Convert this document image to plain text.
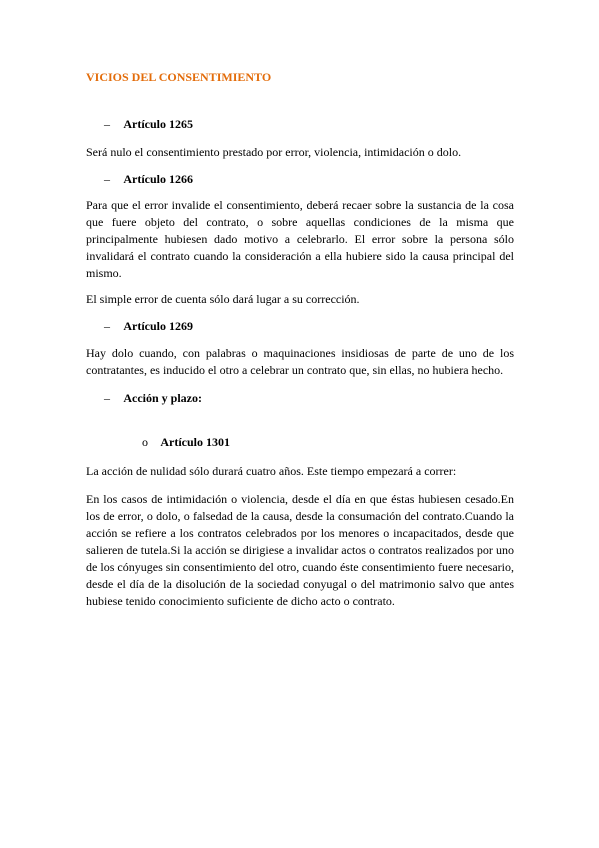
VICIOS DEL CONSENTIMIENTO
– Artículo 1265

Será nulo el consentimiento prestado por error, violencia, intimidación o dolo.

– Artículo 1266

Para que el error invalide el consentimiento, deberá recaer sobre la sustancia de la cosa que fuere objeto del contrato, o sobre aquellas condiciones de la misma que principalmente hubiesen dado motivo a celebrarlo. El error sobre la persona sólo invalidará el contrato cuando la consideración a ella hubiere sido la causa principal del mismo.

El simple error de cuenta sólo dará lugar a su corrección.

– Artículo 1269

Hay dolo cuando, con palabras o maquinaciones insidiosas de parte de uno de los contratantes, es inducido el otro a celebrar un contrato que, sin ellas, no hubiera hecho.

– Acción y plazo:
o Artículo 1301

La acción de nulidad sólo durará cuatro años. Este tiempo empezará a correr:

En los casos de intimidación o violencia, desde el día en que éstas hubiesen cesado.En los de error, o dolo, o falsedad de la causa, desde la consumación del contrato.Cuando la acción se refiere a los contratos celebrados por los menores o incapacitados, desde que salieren de tutela.Si la acción se dirigiese a invalidar actos o contratos realizados por uno de los cónyuges sin consentimiento del otro, cuando éste consentimiento fuere necesario, desde el día de la disolución de la sociedad conyugal o del matrimonio salvo que antes hubiese tenido conocimiento suficiente de dicho acto o contrato.
